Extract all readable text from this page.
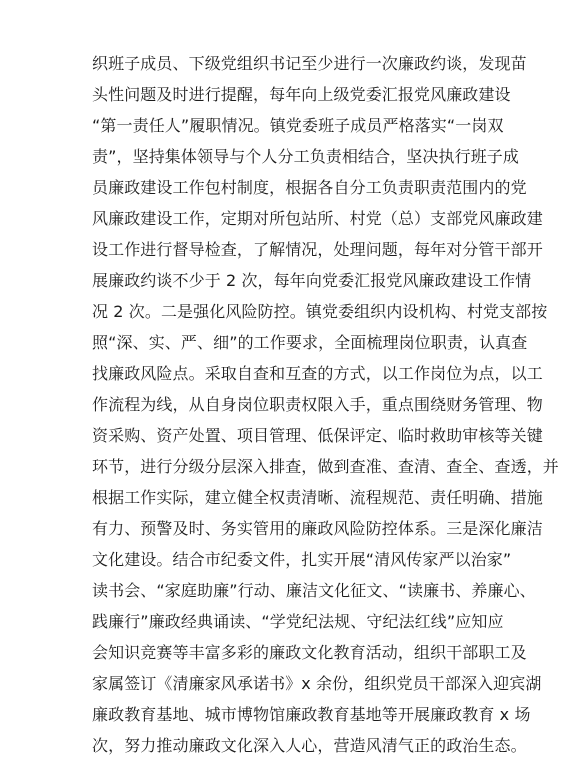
织班子成员、下级党组织书记至少进行一次廉政约谈，发现苗
头性问题及时进行提醒，每年向上级党委汇报党风廉政建设
“第一责任人”履职情况。镇党委班子成员严格落实“一岗双
责”，坚持集体领导与个人分工负责相结合，坚决执行班子成
员廉政建设工作包村制度，根据各自分工负责职责范围内的党
风廉政建设工作，定期对所包站所、村党（总）支部党风廉政建
设工作进行督导检查，了解情况，处理问题，每年对分管干部开
展廉政约谈不少于 2 次，每年向党委汇报党风廉政建设工作情
况 2 次。二是强化风险防控。镇党委组织内设机构、村党支部按
照“深、实、严、细”的工作要求，全面梳理岗位职责，认真查
找廉政风险点。采取自查和互查的方式，以工作岗位为点，以工
作流程为线，从自身岗位职责权限入手，重点围绕财务管理、物
资采购、资产处置、项目管理、低保评定、临时救助审核等关键
环节，进行分级分层深入排查，做到查准、查清、查全、查透，并
根据工作实际，建立健全权责清晰、流程规范、责任明确、措施
有力、预警及时、务实管用的廉政风险防控体系。三是深化廉洁
文化建设。结合市纪委文件，扎实开展“清风传家严以治家”
读书会、“家庭助廉”行动、廉洁文化征文、“读廉书、养廉心、
践廉行”廉政经典诵读、“学党纪法规、守纪法红线”应知应
会知识竞赛等丰富多彩的廉政文化教育活动，组织干部职工及
家属签订《清廉家风承诺书》x 余份，组织党员干部深入迎宾湖
廉政教育基地、城市博物馆廉政教育基地等开展廉政教育 x 场
次，努力推动廉政文化深入人心，营造风清气正的政治生态。
